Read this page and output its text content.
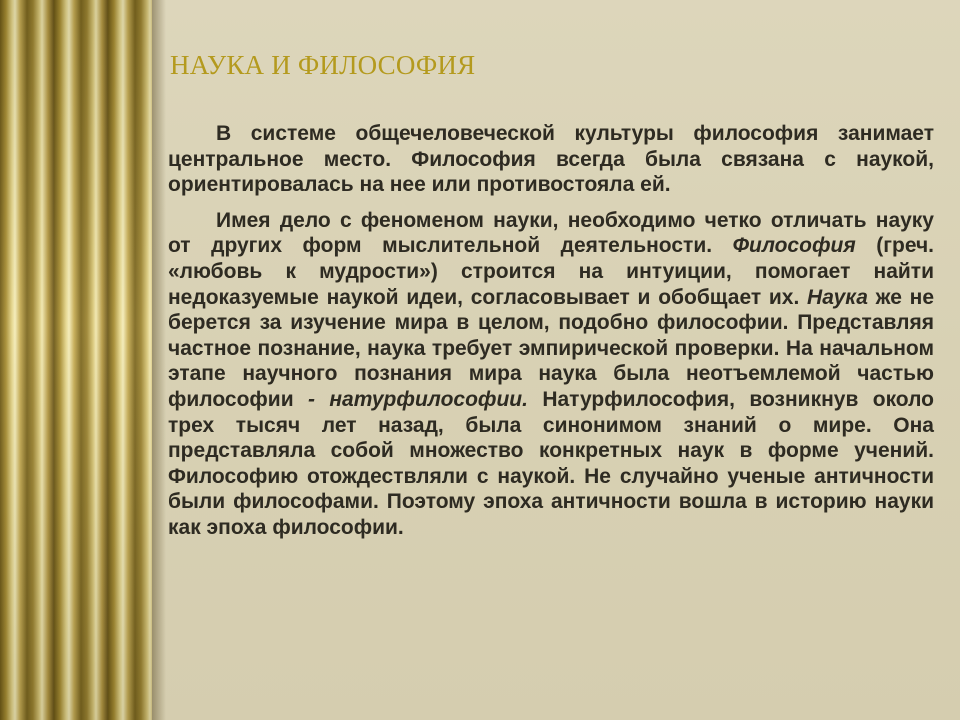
НАУКА И ФИЛОСОФИЯ

В системе общечеловеческой культуры философия занимает центральное место. Философия всегда была связана с наукой, ориентировалась на нее или противостояла ей.

Имея дело с феноменом науки, необходимо четко отличать науку от других форм мыслительной деятельности. Философия (греч. «любовь к мудрости») строится на интуиции, помогает найти недоказуемые наукой идеи, согласовывает и обобщает их. Наука же не берется за изучение мира в целом, подобно философии. Представляя частное познание, наука требует эмпирической проверки. На начальном этапе научного познания мира наука была неотъемлемой частью философии - натурфилософии. Натурфилософия, возникнув около трех тысяч лет назад, была синонимом знаний о мире. Она представляла собой множество конкретных наук в форме учений. Философию отождествляли с наукой. Не случайно ученые античности были философами. Поэтому эпоха античности вошла в историю науки как эпоха философии.
